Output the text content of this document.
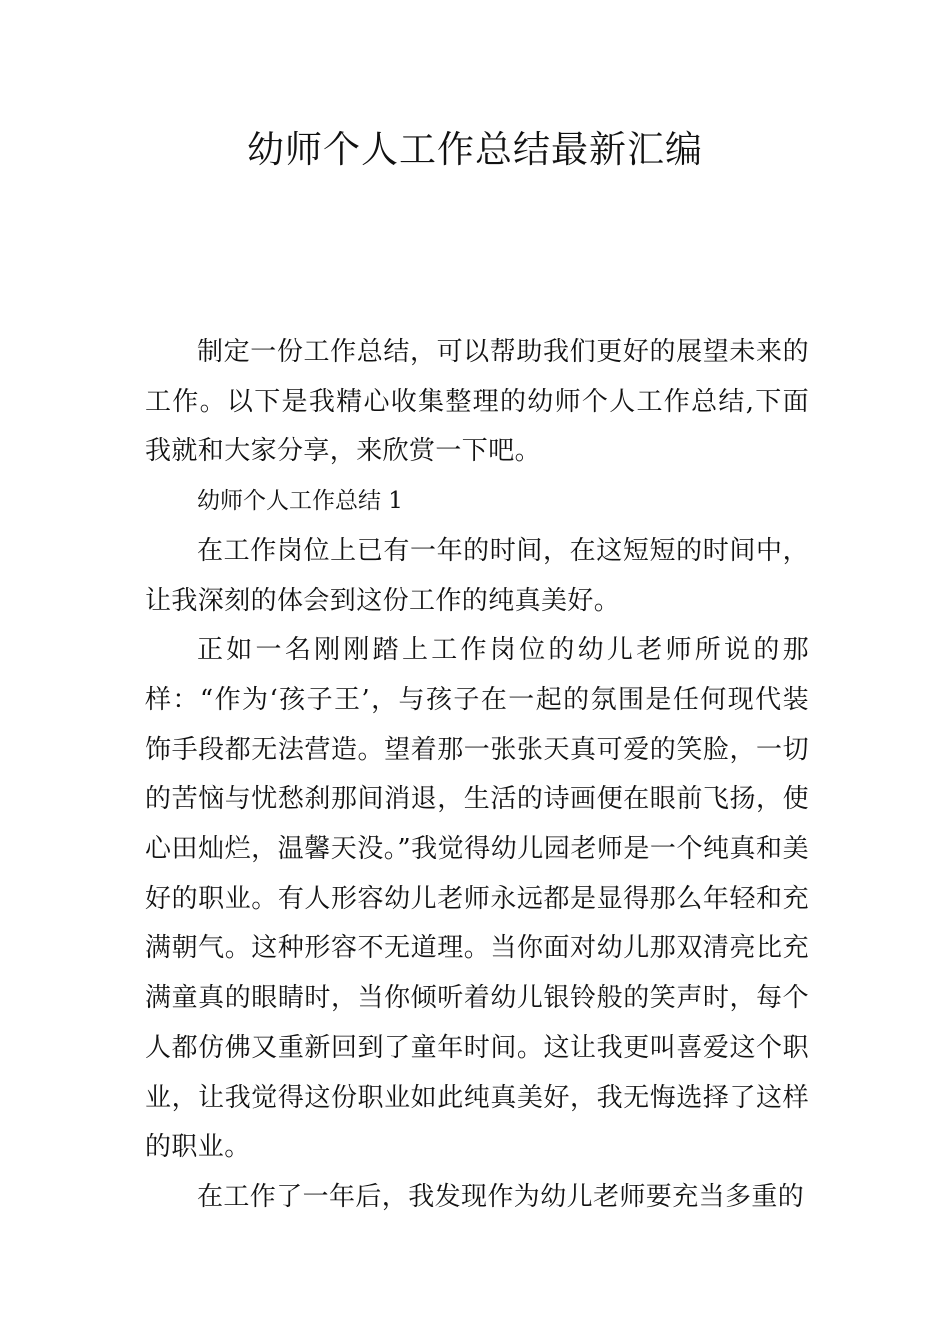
幼师个人工作总结最新汇编

制定一份工作总结，可以帮助我们更好的展望未来的工作。以下是我精心收集整理的幼师个人工作总结,下面我就和大家分享，来欣赏一下吧。

幼师个人工作总结 1

在工作岗位上已有一年的时间，在这短短的时间中，让我深刻的体会到这份工作的纯真美好。

正如一名刚刚踏上工作岗位的幼儿老师所说的那样：“作为‘孩子王’，与孩子在一起的氛围是任何现代装饰手段都无法营造。望着那一张张天真可爱的笑脸，一切的苦恼与忧愁刹那间消退，生活的诗画便在眼前飞扬，使心田灿烂，温馨天没。”我觉得幼儿园老师是一个纯真和美好的职业。有人形容幼儿老师永远都是显得那么年轻和充满朝气。这种形容不无道理。当你面对幼儿那双清亮比充满童真的眼睛时，当你倾听着幼儿银铃般的笑声时，每个人都仿佛又重新回到了童年时间。这让我更叫喜爱这个职业，让我觉得这份职业如此纯真美好，我无悔选择了这样的职业。

在工作了一年后，我发现作为幼儿老师要充当多重的
